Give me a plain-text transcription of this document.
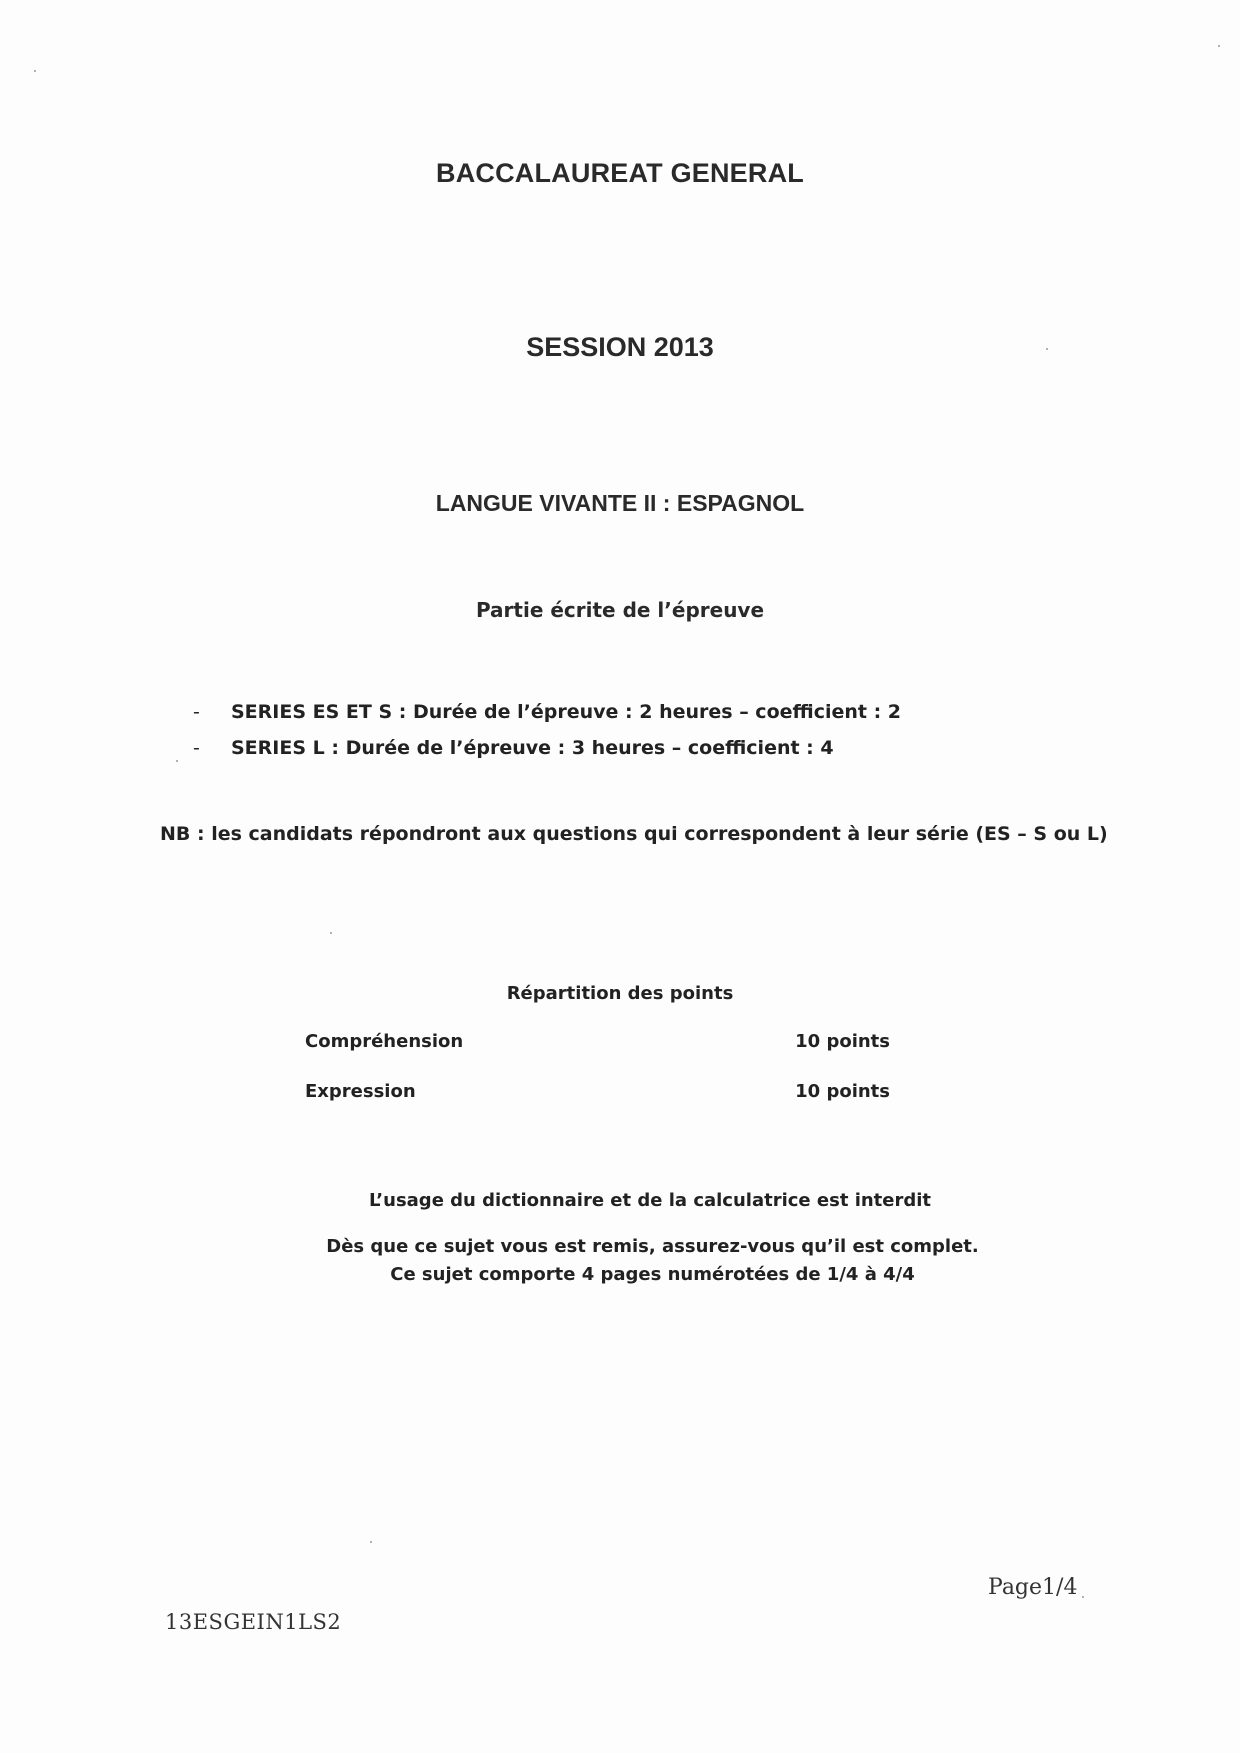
BACCALAUREAT GENERAL
SESSION 2013
LANGUE VIVANTE II : ESPAGNOL
Partie écrite de l’épreuve
- SERIES ES ET S : Durée de l’épreuve : 2 heures – coefficient : 2
- SERIES L : Durée de l’épreuve : 3 heures – coefficient : 4
NB : les candidats répondront aux questions qui correspondent à leur série (ES – S ou L)
Répartition des points
Compréhension	10 points
Expression	10 points
L’usage du dictionnaire et de la calculatrice est interdit
Dès que ce sujet vous est remis, assurez-vous qu’il est complet.
Ce sujet comporte 4 pages numérotées de 1/4 à 4/4
Page1/4
13ESGEIN1LS2
